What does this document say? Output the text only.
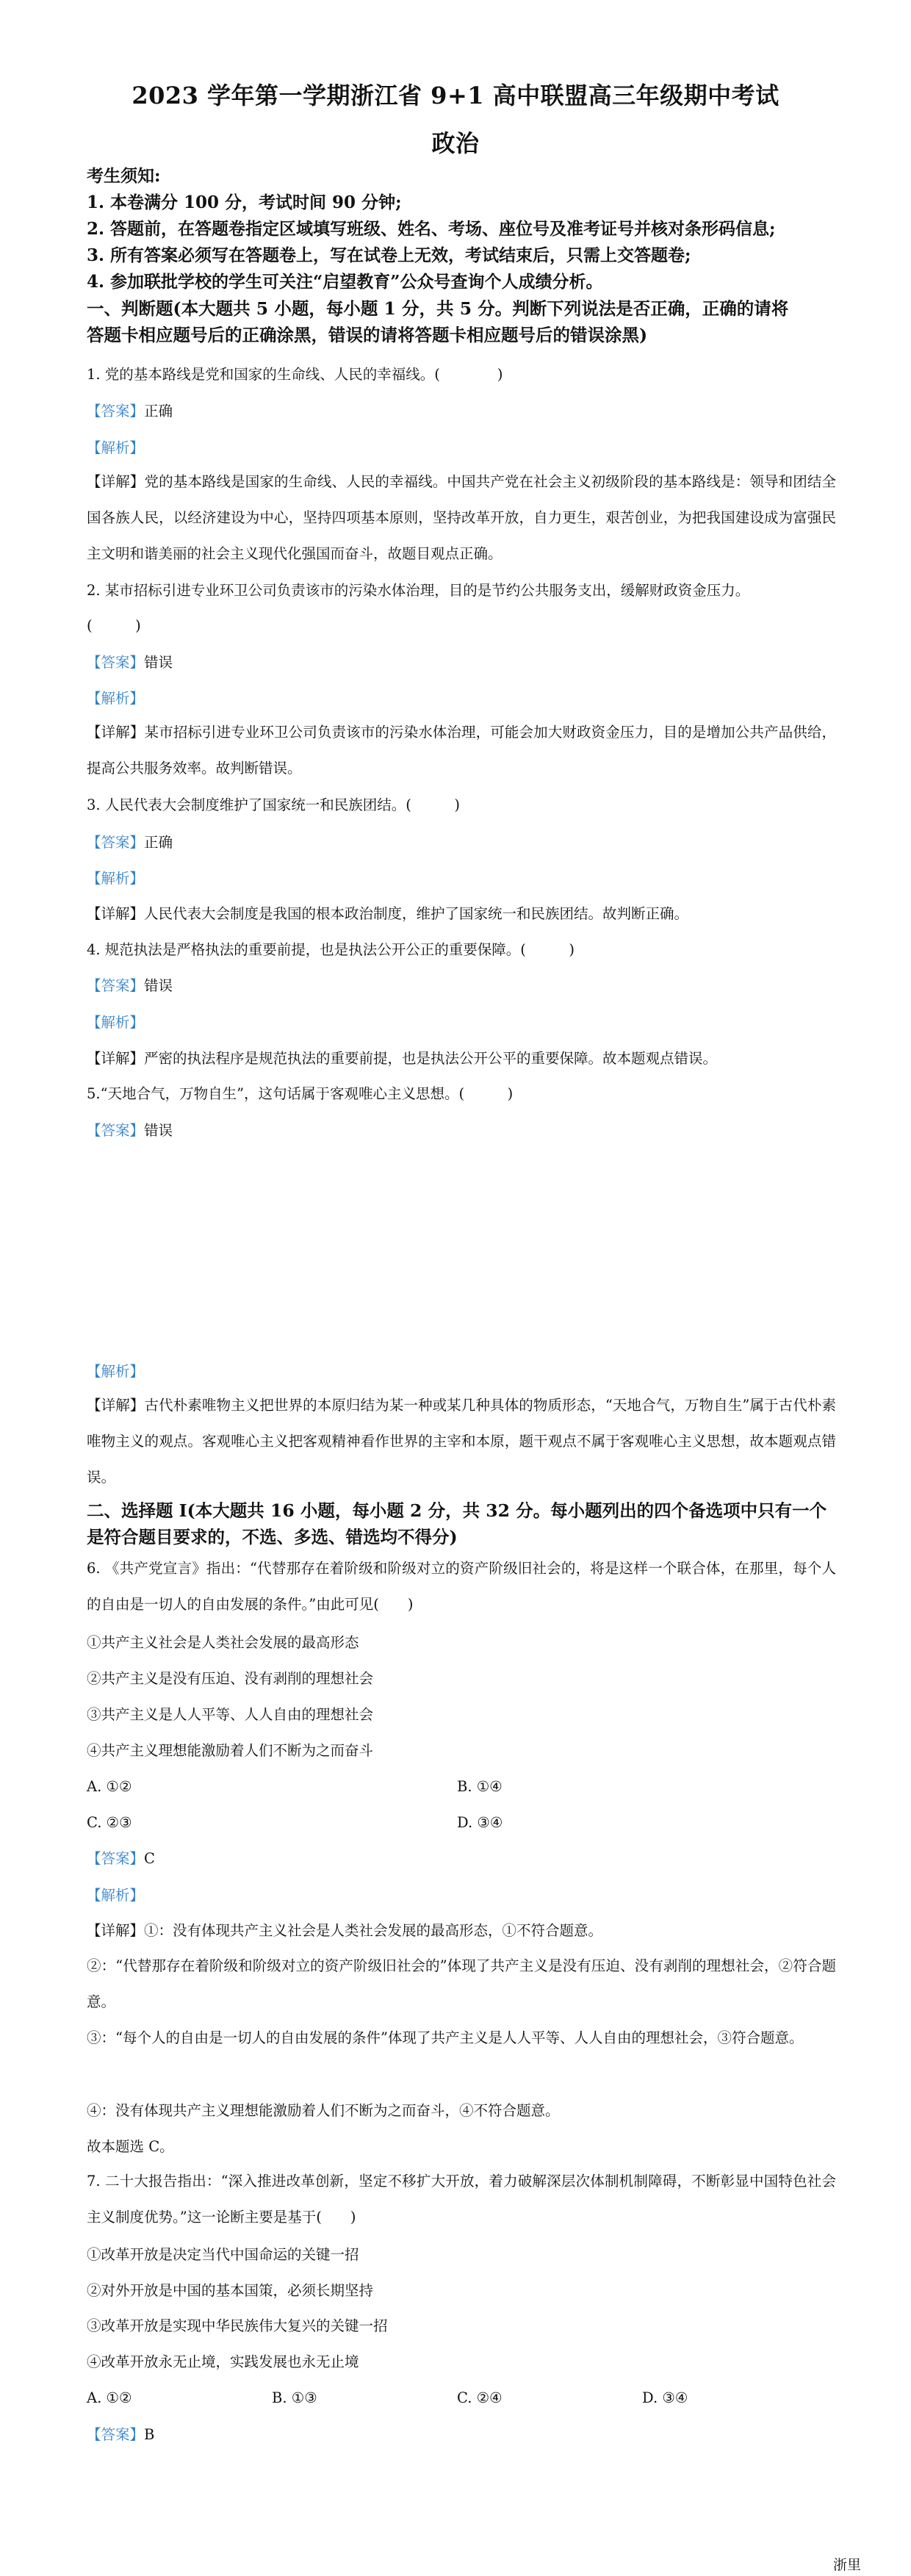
2023 学年第一学期浙江省 9+1 高中联盟高三年级期中考试
政治
考生须知:
1. 本卷满分 100 分，考试时间 90 分钟;
2. 答题前，在答题卷指定区域填写班级、姓名、考场、座位号及准考证号并核对条形码信息;
3. 所有答案必须写在答题卷上，写在试卷上无效，考试结束后，只需上交答题卷;
4. 参加联批学校的学生可关注“启望教育”公众号查询个人成绩分析。
一、判断题(本大题共 5 小题，每小题 1 分，共 5 分。判断下列说法是否正确，正确的请将
答题卡相应题号后的正确涂黑，错误的请将答题卡相应题号后的错误涂黑)
1. 党的基本路线是党和国家的生命线、人民的幸福线。(　　　　)
【答案】正确
【解析】
【详解】党的基本路线是国家的生命线、人民的幸福线。中国共产党在社会主义初级阶段的基本路线是：领导和团结全国各族人民，以经济建设为中心，坚持四项基本原则，坚持改革开放，自力更生，艰苦创业，为把我国建设成为富强民主文明和谐美丽的社会主义现代化强国而奋斗，故题目观点正确。
2. 某市招标引进专业环卫公司负责该市的污染水体治理，目的是节约公共服务支出，缓解财政资金压力。
(　　　)
【答案】错误
【解析】
【详解】某市招标引进专业环卫公司负责该市的污染水体治理，可能会加大财政资金压力，目的是增加公共产品供给，提高公共服务效率。故判断错误。
3. 人民代表大会制度维护了国家统一和民族团结。(　　　)
【答案】正确
【解析】
【详解】人民代表大会制度是我国的根本政治制度，维护了国家统一和民族团结。故判断正确。
4. 规范执法是严格执法的重要前提，也是执法公开公正的重要保障。(　　　)
【答案】错误
【解析】
【详解】严密的执法程序是规范执法的重要前提，也是执法公开公平的重要保障。故本题观点错误。
5.“天地合气，万物自生”，这句话属于客观唯心主义思想。(　　　)
【答案】错误
【解析】
【详解】古代朴素唯物主义把世界的本原归结为某一种或某几种具体的物质形态，“天地合气，万物自生”属于古代朴素唯物主义的观点。客观唯心主义把客观精神看作世界的主宰和本原，题干观点不属于客观唯心主义思想，故本题观点错误。
二、选择题 I(本大题共 16 小题，每小题 2 分，共 32 分。每小题列出的四个备选项中只有一个
是符合题目要求的，不选、多选、错选均不得分)
6. 《共产党宣言》指出：“代替那存在着阶级和阶级对立的资产阶级旧社会的，将是这样一个联合体，在那里，每个人的自由是一切人的自由发展的条件。”由此可见(　　)
①共产主义社会是人类社会发展的最高形态
②共产主义是没有压迫、没有剥削的理想社会
③共产主义是人人平等、人人自由的理想社会
④共产主义理想能激励着人们不断为之而奋斗
A. ①②	B. ①④
C. ②③	D. ③④
【答案】C
【解析】
【详解】①：没有体现共产主义社会是人类社会发展的最高形态，①不符合题意。
②：“代替那存在着阶级和阶级对立的资产阶级旧社会的”体现了共产主义是没有压迫、没有剥削的理想社会，②符合题意。
③：“每个人的自由是一切人的自由发展的条件”体现了共产主义是人人平等、人人自由的理想社会，③符合题意。
④：没有体现共产主义理想能激励着人们不断为之而奋斗，④不符合题意。
故本题选 C。
7. 二十大报告指出：“深入推进改革创新，坚定不移扩大开放，着力破解深层次体制机制障碍，不断彰显中国特色社会主义制度优势。”这一论断主要是基于(　　)
①改革开放是决定当代中国命运的关键一招
②对外开放是中国的基本国策，必须长期坚持
③改革开放是实现中华民族伟大复兴的关键一招
④改革开放永无止境，实践发展也永无止境
A. ①②	B. ①③	C. ②④	D. ③④
【答案】B
浙里
